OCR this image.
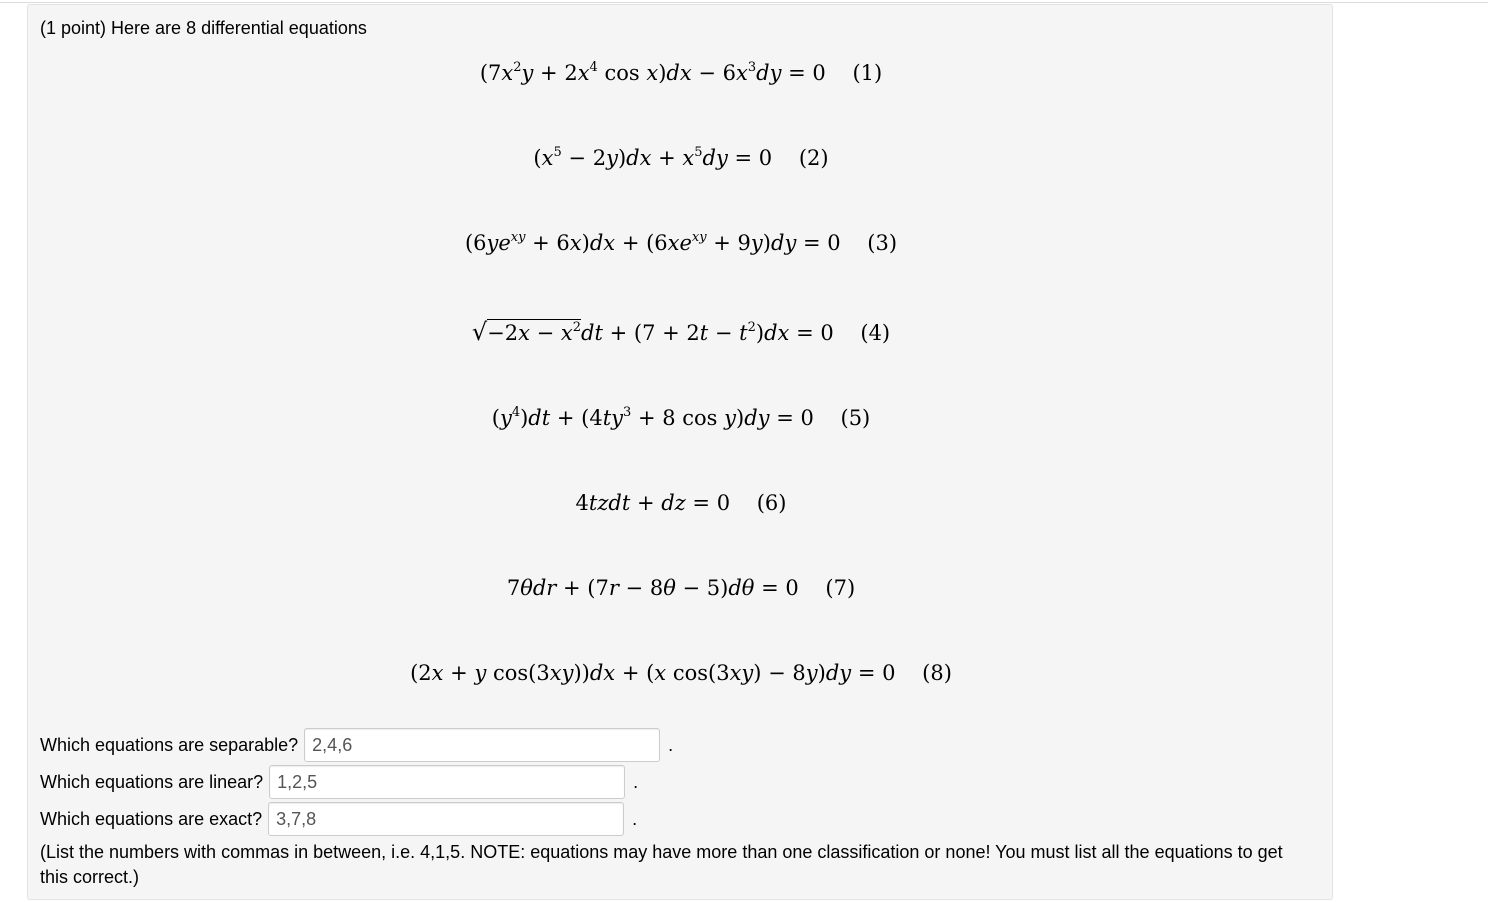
(1 point) Here are 8 differential equations
($7x^2y + 2x^4$ $\cos x)dx - 6x^3dy = 0$ (1)
$(x^5 - 2y)dx + x^5dy = 0$ (2)
$(6ye^{xy} + 6x)dx + (6xe^{xy} + 9y)dy = 0$ (3)
$√-2x - x^2dt + (7 + 2t - t^2)dx = 0$ (4)
$(y^4)dt + (4ty^3 + 8$ cos y)dy = 0 (5)
4tzdt + dz = 0 (6)
7θdr + (7r − 8θ − 5)dθ = 0 (7)
(2x + y cos(3xy))dx + (x cos(3xy) − 8y)dy = 0 (8)
Which equations are separable?2,4,6	.
Which equations are linear?1,2,5	.
Which equations are exact?3,7,8	.
(List the numbers with commas in between, i.e. 4,1,5. NOTE: equations may have more than one classification or none! You must list all the equations to get this correct.)
